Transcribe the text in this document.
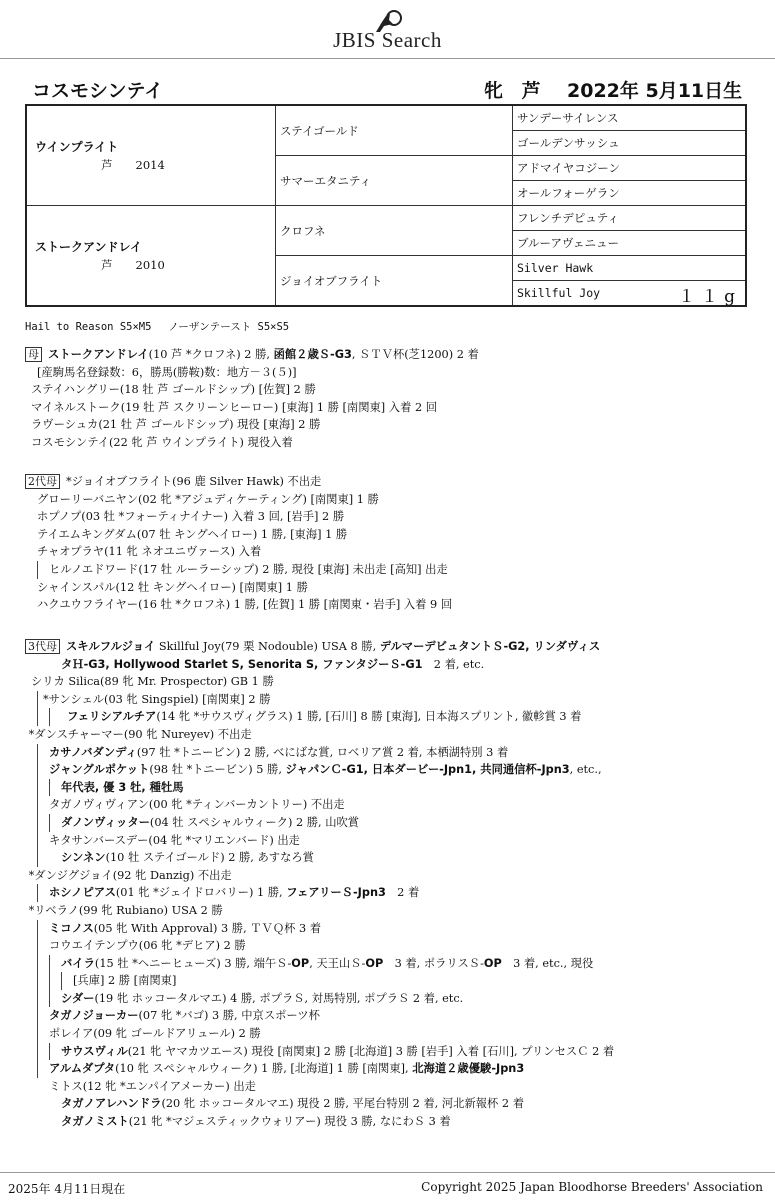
JBIS Search
コスモシンテイ	牝 芦 2022年 5月11日生
ウインプライト
芦　　2014	ステイゴールド	サンデーサイレンス
		ゴールデンサッシュ
	サマーエタニティ	アドマイヤコジーン
		オールフォーゲラン

ストークアンドレイ
芦　　2010	クロフネ	フレンチデピュティ
		ブルーアヴェニュー
	ジョイオブフライト	Silver Hawk
		Skillful Joy １１g
Hail to Reason S5×M5　 ノーザンテースト S5×S5
母 ストークアンドレイ(10 芦 *クロフネ) 2 勝, 函館２歳Ｓ-G3, ＳＴＶ杯(芝1200) 2 着
[産駒馬名登録数：6，勝馬(勝鞍)数：地方－３(５)]
ステイハングリー(18 牡 芦 ゴールドシップ) [佐賀] 2 勝
マイネルストーク(19 牡 芦 スクリーンヒーロー) [東海] 1 勝 [南関東] 入着 2 回
ラヴーシュカ(21 牡 芦 ゴールドシップ) 現役 [東海] 2 勝
コスモシンテイ(22 牝 芦 ウインプライト) 現役入着
2代母 *ジョイオブフライト(96 鹿 Silver Hawk) 不出走
グローリーバニヤン(02 牝 *アジュディケーティング) [南関東] 1 勝
ホプノプ(03 牡 *フォーティナイナー) 入着 3 回, [岩手] 2 勝
テイエムキングダム(07 牡 キングヘイロー) 1 勝, [東海] 1 勝
チャオプラヤ(11 牝 ネオユニヴァース) 入着
ヒルノエドワード(17 牡 ルーラーシップ) 2 勝, 現役 [東海] 未出走 [高知] 出走
シャインスパル(12 牡 キングヘイロー) [南関東] 1 勝
ハクユウフライヤー(16 牡 *クロフネ) 1 勝, [佐賀] 1 勝 [南関東・岩手] 入着 9 回
3代母 スキルフルジョイ Skillful Joy(79 栗 Nodouble) USA 8 勝, デルマーデビュタントＳ-G2, リンダヴィス
タＨ-G3, Hollywood Starlet S, Senorita S, ファンタジーＳ-G1　2 着, etc.
シリカ Silica(89 牝 Mr. Prospector) GB 1 勝
*サンシェル(03 牝 Singspiel) [南関東] 2 勝
フェリシアルチア(14 牝 *サウスヴィグラス) 1 勝, [石川] 8 勝 [東海], 日本海スプリント, 徽軫賞 3 着
*ダンスチャーマー(90 牝 Nureyev) 不出走
カサノバダンディ(97 牡 *トニービン) 2 勝, べにばな賞, ロベリア賞 2 着, 本栖湖特別 3 着
ジャングルポケット(98 牡 *トニービン) 5 勝, ジャパンＣ-G1, 日本ダービー-Jpn1, 共同通信杯-Jpn3, etc.,
年代表, 優 3 牡, 種牡馬
タガノヴィヴィアン(00 牝 *ティンバーカントリー) 不出走
ダノンヴィッター(04 牡 スペシャルウィーク) 2 勝, 山吹賞
キタサンバースデー(04 牝 *マリエンバード) 出走
シンネン(10 牡 ステイゴールド) 2 勝, あすなろ賞
*ダンジグジョイ(92 牝 Danzig) 不出走
ホシノピアス(01 牝 *ジェイドロバリー) 1 勝, フェアリーＳ-Jpn3　2 着
*リベラノ(99 牝 Rubiano) USA 2 勝
ミコノス(05 牝 With Approval) 3 勝, ＴＶＱ杯 3 着
コウエイテンプウ(06 牝 *デヒア) 2 勝
バイラ(15 牡 *ヘニーヒューズ) 3 勝, 端午Ｓ-OP, 天王山Ｓ-OP　3 着, ポラリスＳ-OP　3 着, etc., 現役
[兵庫] 2 勝 [南関東]
シダー(19 牝 ホッコータルマエ) 4 勝, ポプラＳ, 対馬特別, ポプラＳ 2 着, etc.
タガノジョーカー(07 牝 *バゴ) 3 勝, 中京スポーツ杯
ポレイア(09 牝 ゴールドアリュール) 2 勝
サウスヴィル(21 牝 ヤマカツエース) 現役 [南関東] 2 勝 [北海道] 3 勝 [岩手] 入着 [石川], プリンセスＣ 2 着
アルムダプタ(10 牝 スペシャルウィーク) 1 勝, [北海道] 1 勝 [南関東], 北海道２歳優駿-Jpn3
ミトス(12 牝 *エンパイアメーカー) 出走
タガノアレハンドラ(20 牝 ホッコータルマエ) 現役 2 勝, 平尾台特別 2 着, 河北新報杯 2 着
タガノミスト(21 牝 *マジェスティックウォリアー) 現役 3 勝, なにわＳ 3 着
2025年 4月11日現在	Copyright 2025 Japan Bloodhorse Breeders' Association
